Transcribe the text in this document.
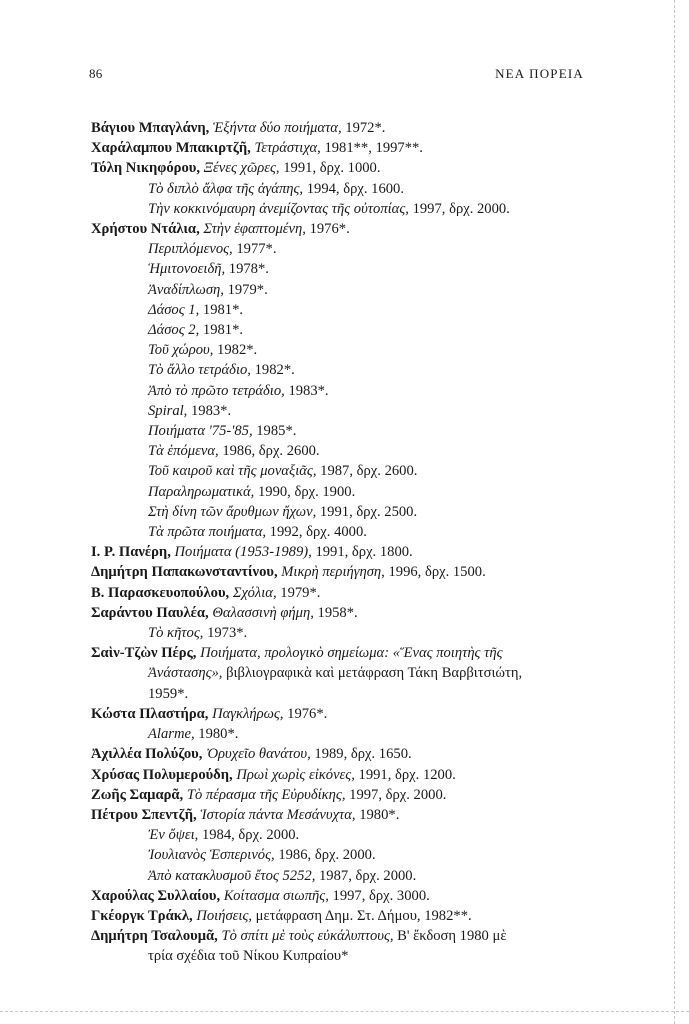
86	ΝΕΑ ΠΟΡΕΙΑ
Βάγιου Μπαγλάνη, Ἑξήντα δύο ποιήματα, 1972*.
Χαράλαμπου Μπακιρτζῆ, Τετράστιχα, 1981**, 1997**.
Τόλη Νικηφόρου, Ξένες χῶρες, 1991, δρχ. 1000.
Τὸ διπλὸ ἄλφα τῆς ἀγάπης, 1994, δρχ. 1600.
Τὴν κοκκινόμαυρη ἀνεμίζοντας τῆς οὐτοπίας, 1997, δρχ. 2000.
Χρήστου Ντάλια, Στὴν ἐφαπτομένη, 1976*.
Περιπλόμενος, 1977*.
Ἡμιτονοειδῆ, 1978*.
Ἀναδίπλωση, 1979*.
Δάσος 1, 1981*.
Δάσος 2, 1981*.
Τοῦ χώρου, 1982*.
Τὸ ἄλλο τετράδιο, 1982*.
Ἀπὸ τὸ πρῶτο τετράδιο, 1983*.
Spiral, 1983*.
Ποιήματα '75-'85, 1985*.
Τὰ ἑπόμενα, 1986, δρχ. 2600.
Τοῦ καιροῦ καὶ τῆς μοναξιᾶς, 1987, δρχ. 2600.
Παραληρωματικά, 1990, δρχ. 1900.
Στὴ δίνη τῶν ἄρυθμων ἤχων, 1991, δρχ. 2500.
Τὰ πρῶτα ποιήματα, 1992, δρχ. 4000.
Ι. Ρ. Πανέρη, Ποιήματα (1953-1989), 1991, δρχ. 1800.
Δημήτρη Παπακωνσταντίνου, Μικρὴ περιήγηση, 1996, δρχ. 1500.
Β. Παρασκευοπούλου, Σχόλια, 1979*.
Σαράντου Παυλέα, Θαλασσινὴ φήμη, 1958*.
Τὸ κῆτος, 1973*.
Σαὶν-Τζὼν Πέρς, Ποιήματα, προλογικὸ σημείωμα: «Ἕνας ποιητὴς τῆς
Ἀνάστασης», βιβλιογραφικὰ καὶ μετάφραση Τάκη Βαρβιτσιώτη,
1959*.
Κώστα Πλαστήρα, Παγκλήρως, 1976*.
Alarme, 1980*.
Ἀχιλλέα Πολύζου, Ὀρυχεῖο θανάτου, 1989, δρχ. 1650.
Χρύσας Πολυμερούδη, Πρωὶ χωρὶς εἰκόνες, 1991, δρχ. 1200.
Ζωῆς Σαμαρᾶ, Τὸ πέρασμα τῆς Εὐρυδίκης, 1997, δρχ. 2000.
Πέτρου Σπεντζῆ, Ἱστορία πάντα Μεσάνυχτα, 1980*.
Ἐν ὄψει, 1984, δρχ. 2000.
Ἰουλιανὸς Ἑσπερινός, 1986, δρχ. 2000.
Ἀπὸ κατακλυσμοῦ ἔτος 5252, 1987, δρχ. 2000.
Χαρούλας Συλλαίου, Κοίτασμα σιωπῆς, 1997, δρχ. 3000.
Γκέοργκ Τράκλ, Ποιήσεις, μετάφραση Δημ. Στ. Δήμου, 1982**.
Δημήτρη Τσαλουμᾶ, Τὸ σπίτι μὲ τοὺς εὐκάλυπτους, Β' ἔκδοση 1980 μὲ
τρία σχέδια τοῦ Νίκου Κυπραίου*
